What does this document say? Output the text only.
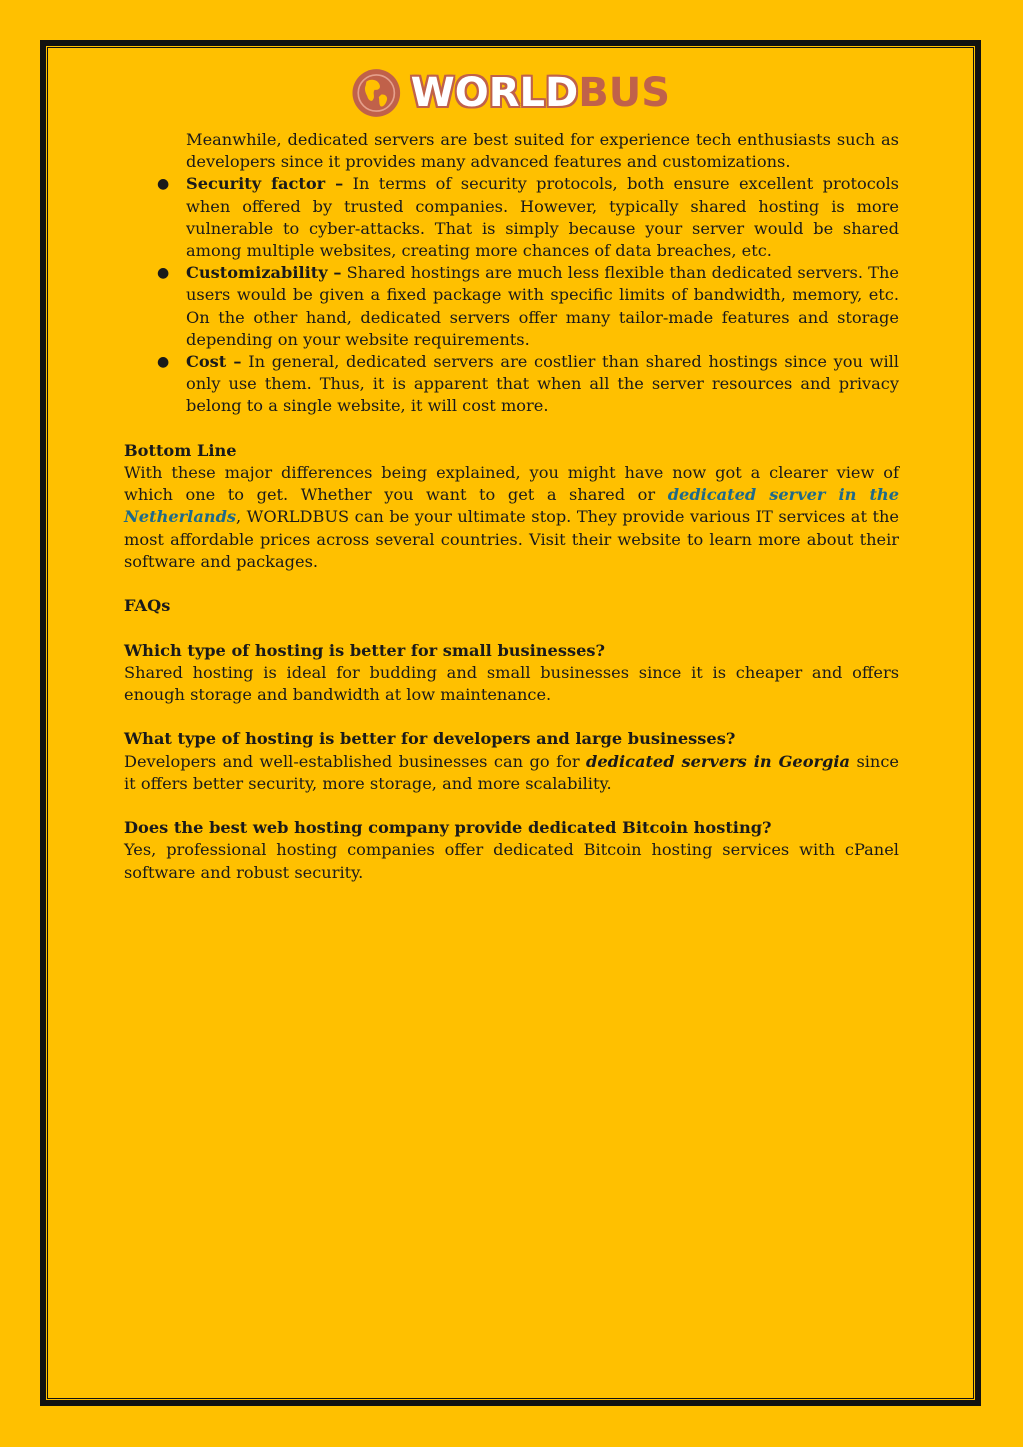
WORLDBUS

Meanwhile, dedicated servers are best suited for experience tech enthusiasts such as developers since it provides many advanced features and customizations.

● Security factor – In terms of security protocols, both ensure excellent protocols when offered by trusted companies. However, typically shared hosting is more vulnerable to cyber-attacks. That is simply because your server would be shared among multiple websites, creating more chances of data breaches, etc.
● Customizability – Shared hostings are much less flexible than dedicated servers. The users would be given a fixed package with specific limits of bandwidth, memory, etc. On the other hand, dedicated servers offer many tailor-made features and storage depending on your website requirements.
● Cost – In general, dedicated servers are costlier than shared hostings since you will only use them. Thus, it is apparent that when all the server resources and privacy belong to a single website, it will cost more.

Bottom Line

With these major differences being explained, you might have now got a clearer view of which one to get. Whether you want to get a shared or dedicated server in the Netherlands, WORLDBUS can be your ultimate stop. They provide various IT services at the most affordable prices across several countries. Visit their website to learn more about their software and packages.

FAQs

Which type of hosting is better for small businesses?

Shared hosting is ideal for budding and small businesses since it is cheaper and offers enough storage and bandwidth at low maintenance.

What type of hosting is better for developers and large businesses?

Developers and well-established businesses can go for dedicated servers in Georgia since it offers better security, more storage, and more scalability.

Does the best web hosting company provide dedicated Bitcoin hosting?

Yes, professional hosting companies offer dedicated Bitcoin hosting services with cPanel software and robust security.
